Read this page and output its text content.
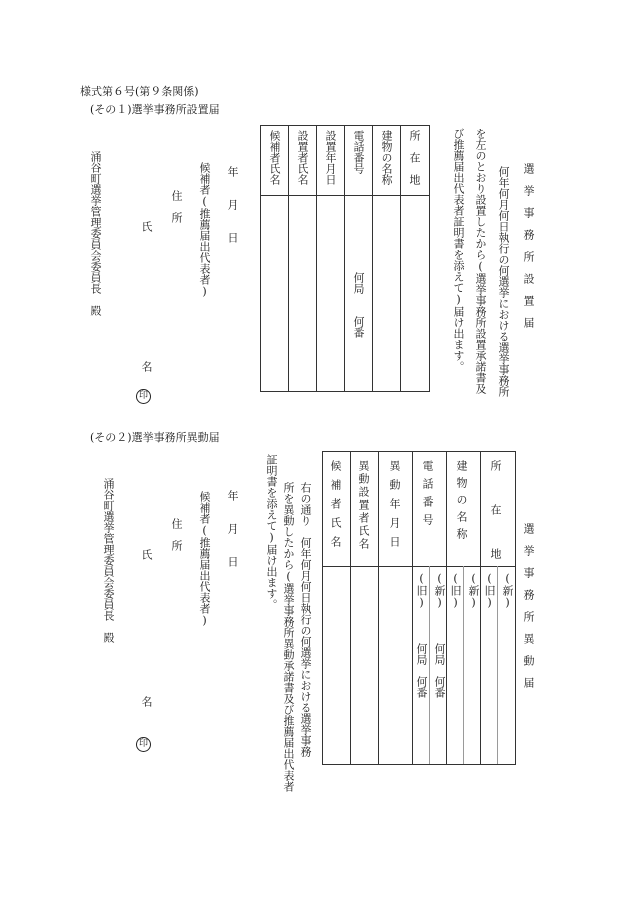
様式第６号(第９条関係)
(その１)選挙事務所設置届
選　挙　事　務　所　設　置　届
何年何月何日執行の何選挙における選挙事務所
を左のとおり設置したから(選挙事務所設置承諾書及
び推薦届出代表者証明書を添えて)届け出ます。
所　在　地
建物の名称
電話番号
設置年月日
設置者氏名
候補者氏名
何局　　何番
年　　月　　日
候補者(推薦届出代表者)
住　所
氏
名
印
涌谷町選挙管理委員会委員長　殿
(その２)選挙事務所異動届
選　挙　事　務　所　異　動　届
所　在　地
建物の名称
電話番号
異動年月日
異動設置者氏名
候補者氏名
(新)
(旧)
(新)
(旧)
(新)
何局　何番
(旧)
何局　何番
右の通り　何年何月何日執行の何選挙における選挙事務
所を異動したから(選挙事務所異動承諾書及び推薦届出代表者
証明書を添えて)届け出ます。
年　　月　　日
候補者(推薦届出代表者)
住　所
氏
名
印
涌谷町選挙管理委員会委員長　殿
